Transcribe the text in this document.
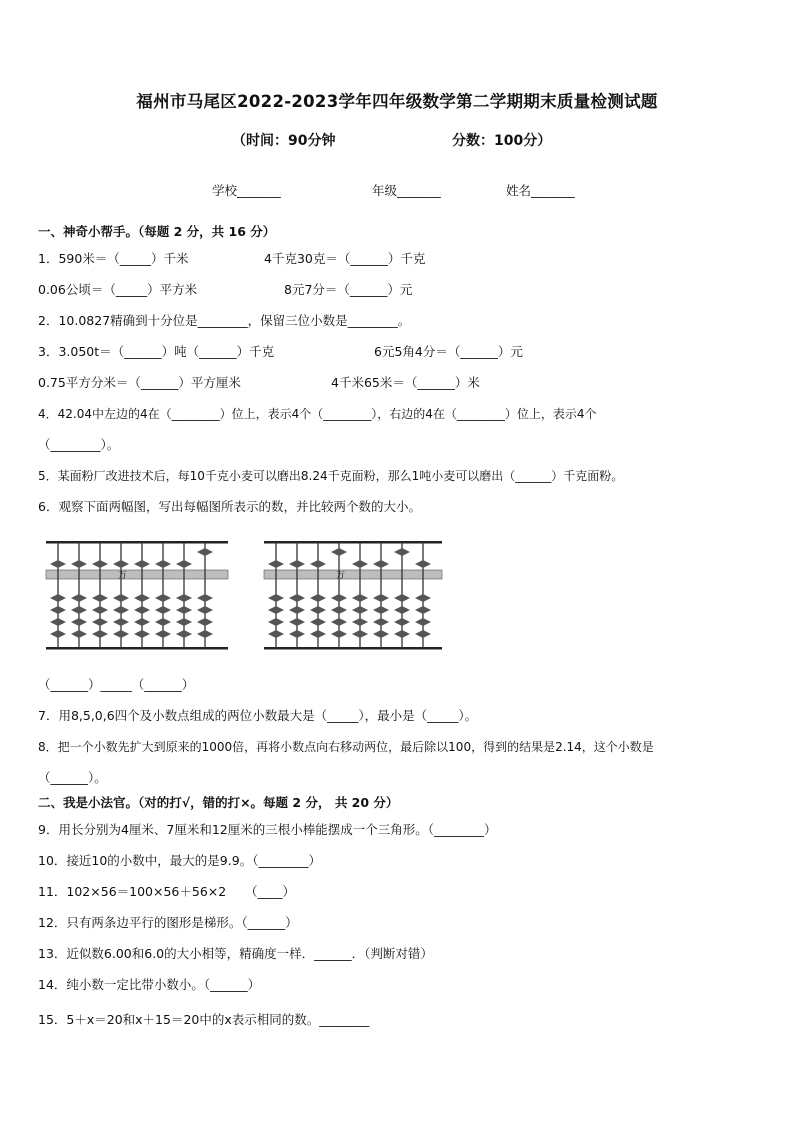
福州市马尾区2022-2023学年四年级数学第二学期期末质量检测试题
（时间：90分钟	分数：100分）
学校_______	年级_______	姓名_______
一、神奇小帮手。（每题 2 分，共 16 分）
1．590米＝（_____）千米	4千克30克＝（______）千克
0.06公顷＝（_____）平方米	8元7分＝（______）元
2．10.0827精确到十分位是________，保留三位小数是________。
3．3.050t＝（______）吨（______）千克	6元5角4分＝（______）元
0.75平方分米＝（______）平方厘米	4千米65米＝（______）米
4．42.04中左边的4在（________）位上，表示4个（________），右边的4在（________）位上，表示4个
（________）。
5．某面粉厂改进技术后，每10千克小麦可以磨出8.24千克面粉，那么1吨小麦可以磨出（______）千克面粉。
6．观察下面两幅图，写出每幅图所表示的数，并比较两个数的大小。
万	万
（______）_____（______）
7．用8,5,0,6四个及小数点组成的两位小数最大是（_____），最小是（_____）。
8．把一个小数先扩大到原来的1000倍，再将小数点向右移动两位，最后除以100，得到的结果是2.14，这个小数是
（______）。
二、我是小法官。（对的打√，错的打×。每题 2 分， 共 20 分）
9．用长分别为4厘米、7厘米和12厘米的三根小棒能摆成一个三角形。（________）
10．接近10的小数中，最大的是9.9。（________）
11．102×56＝100×56＋56×2　　（____）
12．只有两条边平行的图形是梯形。（______）
13．近似数6.00和6.0的大小相等，精确度一样．______．（判断对错）
14．纯小数一定比带小数小。（______）
15．5＋x＝20和x＋15＝20中的x表示相同的数。________
